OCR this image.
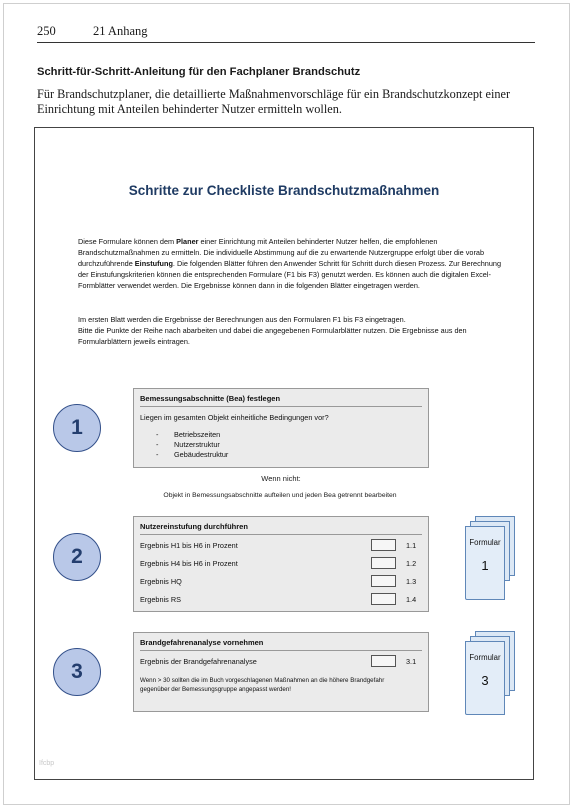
250	21 Anhang
Schritt-für-Schritt-Anleitung für den Fachplaner Brandschutz
Für Brandschutzplaner, die detaillierte Maßnahmenvorschläge für ein Brandschutzkonzept einer Einrichtung mit Anteilen behinderter Nutzer ermitteln wollen.
Schritte zur Checkliste Brandschutzmaßnahmen
Diese Formulare können dem Planer einer Einrichtung mit Anteilen behinderter Nutzer helfen, die empfohlenen Brandschutzmaßnahmen zu ermitteln. Die individuelle Abstimmung auf die zu erwartende Nutzergruppe erfolgt über die vorab durchzuführende Einstufung. Die folgenden Blätter führen den Anwender Schritt für Schritt durch diesen Prozess. Zur Berechnung der Einstufungskriterien können die entsprechenden Formulare (F1 bis F3) genutzt werden. Es können auch die digitalen Excel-Formblätter verwendet werden. Die Ergebnisse können dann in die folgenden Blätter eingetragen werden.
Im ersten Blatt werden die Ergebnisse der Berechnungen aus den Formularen F1 bis F3 eingetragen.
Bitte die Punkte der Reihe nach abarbeiten und dabei die angegebenen Formularblätter nutzen. Die Ergebnisse aus den Formularblättern jeweils eintragen.
1
Bemessungsabschnitte (Bea) festlegen
Liegen im gesamten Objekt einheitliche Bedingungen vor?
- Betriebszeiten
- Nutzerstruktur
- Gebäudestruktur
Wenn nicht:
Objekt in Bemessungsabschnitte aufteilen und jeden Bea getrennt bearbeiten
2
Nutzereinstufung durchführen
Ergebnis H1 bis H6 in Prozent	1.1
Ergebnis H4 bis H6 in Prozent	1.2
Ergebnis HQ	1.3
Ergebnis RS	1.4
Formular
1
3
Brandgefahrenanalyse vornehmen
Ergebnis der Brandgefahrenanalyse	3.1
Wenn > 30 sollten die im Buch vorgeschlagenen Maßnahmen an die höhere Brandgefahr
gegenüber der Bemessungsgruppe angepasst werden!
Formular
3
Ifcbp
